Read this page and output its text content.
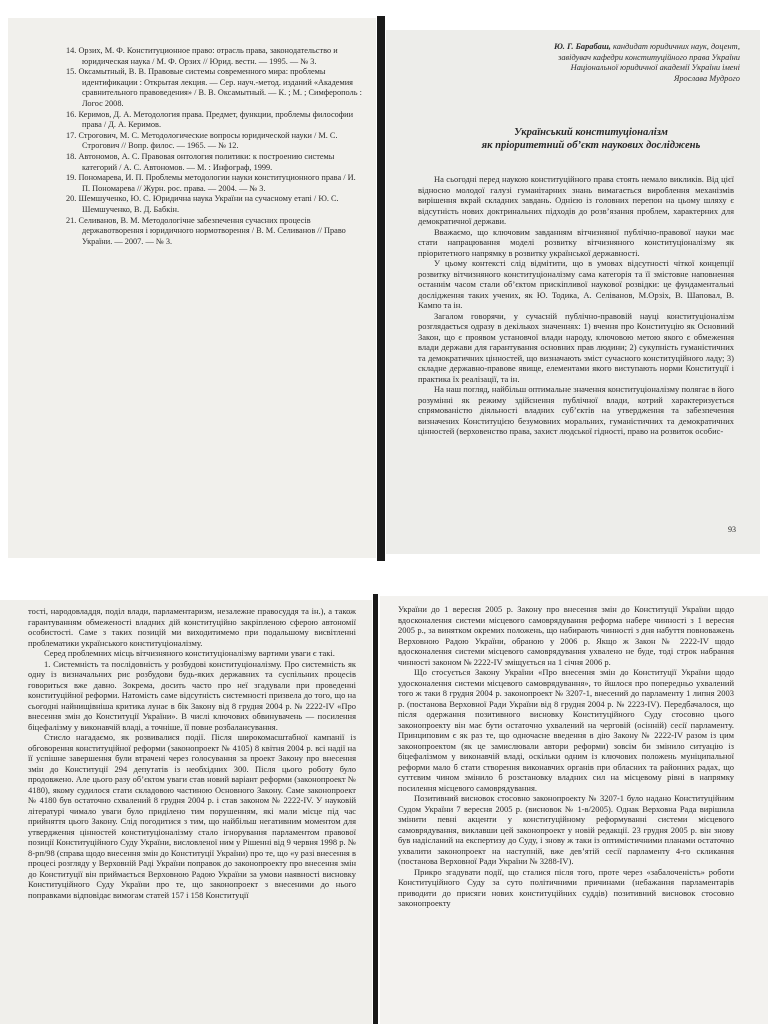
14. Орзих, М. Ф. Конституционное право: отрасль права, законодательство и юридическая наука / М. Ф. Орзих // Юрид. вестн. — 1995. — № 3.
15. Оксамытный, В. В. Правовые системы современного мира: проблемы идентификации : Открытая лекция. — Сер. науч.-метод. изданий «Академия сравнительного правоведения» / В. В. Оксамытный. — К. ; М. ; Симферополь : Логос 2008.
16. Керимов, Д. А. Методология права. Предмет, функции, проблемы философии права / Д. А. Керимов.
17. Строгович, М. С. Методологические вопросы юридической науки / М. С. Строгович // Вопр. филос. — 1965. — № 12.
18. Автономов, А. С. Правовая онтология политики: к построению системы категорий / А. С. Автономов. — М. : Инфограф, 1999.
19. Пономарева, И. П. Проблемы методологии науки конституционного права / И. П. Пономарева // Журн. рос. права. — 2004. — № 3.
20. Шемшученко, Ю. С. Юридична наука України на сучасному етапі / Ю. С. Шемшученко, В. Д. Бабкін.
21. Селиванов, В. М. Методологічне забезпечення сучасних процесів державотворення і юридичного нормотворення / В. М. Селиванов // Право України. — 2007. — № 3.
Ю. Г. Барабаш, кандидат юридичних наук, доцент, завідувач кафедри конституційного права України Національної юридичної академії України імені Ярослава Мудрого
Український конституціоналізм
як пріоритетний об’єкт наукових досліджень

На сьогодні перед наукою конституційного права стоять немало викликів. Від цієї відносно молодої галузі гуманітарних знань вимагається вироблення механізмів вирішення вкрай складних завдань. Однією із головних перепон на цьому шляху є відсутність нових доктринальних підходів до розв’язання проблем, характерних для демократичної держави.

Вважаємо, що ключовим завданням вітчизняної публічно-правової науки має стати напрацювання моделі розвитку вітчизняного конституціоналізму як пріоритетного напрямку в розвитку української державності.

У цьому контексті слід відмітити, що в умовах відсутності чіткої концепції розвитку вітчизняного конституціоналізму сама категорія та її змістовне наповнення останнім часом стали об’єктом прискіпливої наукової розвідки: це фундаментальні дослідження таких учених, як Ю. Тодика, А. Селіванов, М.Орзіх, В. Шаповал, В. Кампо та ін.

Загалом говорячи, у сучасній публічно-правовій науці конституціоналізм розглядається одразу в декількох значеннях: 1) вчення про Конституцію як Основний Закон, що є проявом установчої влади народу, ключовою метою якого є обмеження влади держави для гарантування основних прав людини; 2) сукупність гуманістичних та демократичних цінностей, що визначають зміст сучасного конституційного ладу; 3) складне державно-правове явище, елементами якого виступають норми Конституції і практика їх реалізації, та ін.

На наш погляд, найбільш оптимальне значення конституціоналізму полягає в його розумінні як режиму здійснення публічної влади, котрий характеризується спрямованістю діяльності владних суб’єктів на утвердження та забезпечення визначених Конституцією безумовних моральних, гуманістичних та демократичних цінностей (верховенство права, захист людської гідності, право на розвиток особис-

93

тості, народовладдя, поділ влади, парламентаризм, незалежне правосуддя та ін.), а також гарантуванням обмеженості владних дій конституційно закріпленою сферою автономії особистості. Саме з таких позицій ми виходитимемо при подальшому висвітленні проблематики українського конституціоналізму.

Серед проблемних місць вітчизняного конституціоналізму вартими уваги є такі.

1. Системність та послідовність у розбудові конституціоналізму. Про системність як одну із визначальних рис розбудови будь-яких державних та суспільних процесів говориться вже давно. Зокрема, досить часто про неї згадували при проведенні конституційної реформи. Натомість саме відсутність системності призвела до того, що на сьогодні найнищівніша критика лунає в бік Закону від 8 грудня 2004 р. № 2222-IV «Про внесення змін до Конституції України». В числі ключових обвинувачень — посилення біцефалізму у виконавчій владі, а точніше, її повне розбалансування.

Стисло нагадаємо, як розвивалися події. Після широкомасштабної кампанії із обговорення конституційної реформи (законопроект № 4105) 8 квітня 2004 р. всі надії на її успішне завершення були втрачені через голосування за проект Закону про внесення змін до Конституції 294 депутатів із необхідних 300. Після цього роботу було продовжено. Але цього разу об’єктом уваги став новий варіант реформи (законопроект № 4180), якому судилося стати складовою частиною Основного Закону. Саме законопроект № 4180 був остаточно схвалений 8 грудня 2004 р. і став законом № 2222-IV. У науковій літературі чимало уваги було приділено тим порушенням, які мали місце під час прийняття цього Закону. Слід погодитися з тим, що найбільш негативним моментом для утвердження цінностей конституціоналізму стало ігнорування парламентом правової позиції Конституційного Суду України, висловленої ним у Рішенні від 9 червня 1998 р. № 8-рп/98 (справа щодо внесення змін до Конституції України) про те, що «у разі внесення в процесі розгляду у Верховній Раді України поправок до законопроекту про внесення змін до Конституції він приймається Верховною Радою України за умови наявності висновку Конституційного Суду України про те, що законопроект з внесеними до нього поправками відповідає вимогам статей 157 і 158 Конституції

України до 1 вересня 2005 р. Закону про внесення змін до Конституції України щодо вдосконалення системи місцевого самоврядування реформа набере чинності з 1 вересня 2005 р., за винятком окремих положень, що набирають чинності з дня набуття повноважень Верховною Радою України, обраною у 2006 р. Якщо ж Закон № 2222-IV щодо вдосконалення системи місцевого самоврядування ухвалено не буде, тоді строк набрання чинності законом № 2222-IV зміщується на 1 січня 2006 р.

Що стосується Закону України «Про внесення змін до Конституції України щодо удосконалення системи місцевого самоврядування», то йшлося про попередньо ухвалений того ж таки 8 грудня 2004 р. законопроект № 3207-1, внесений до парламенту 1 липня 2003 р. (постанова Верховної Ради України від 8 грудня 2004 р. № 2223-IV). Передбачалося, що після одержання позитивного висновку Конституційного Суду стосовно цього законопроекту він має бути остаточно ухвалений на черговій (осінній) сесії парламенту. Принциповим є як раз те, що одночасне введення в дію Закону № 2222-IV разом із цим законопроектом (як це замислювали автори реформи) зовсім би змінило ситуацію із біцефалізмом у виконавчій владі, оскільки одним із ключових положень муніципальної реформи мало б стати створення виконавчих органів при обласних та районних радах, що суттєвим чином змінило б розстановку владних сил на місцевому рівні в напрямку посилення місцевого самоврядування.

Позитивний висновок стосовно законопроекту № 3207-1 було надано Конституційним Судом України 7 вересня 2005 р. (висновок № 1-в/2005). Однак Верховна Рада вирішила змінити певні акценти у конституційному реформуванні системи місцевого самоврядування, виклавши цей законопроект у новій редакції. 23 грудня 2005 р. він знову був надісланий на експертизу до Суду, і знову ж таки із оптимістичними планами остаточно ухвалити законопроект на наступній, вже дев’ятій сесії парламенту 4-го скликання (постанова Верховної Ради України № 3288-IV).

Прикро згадувати події, що сталися після того, проте через «забалоченість» роботи Конституційного Суду за суто політичними причинами (небажання парламентарів приводити до присяги нових конституційних суддів) позитивний висновок стосовно законопроекту
